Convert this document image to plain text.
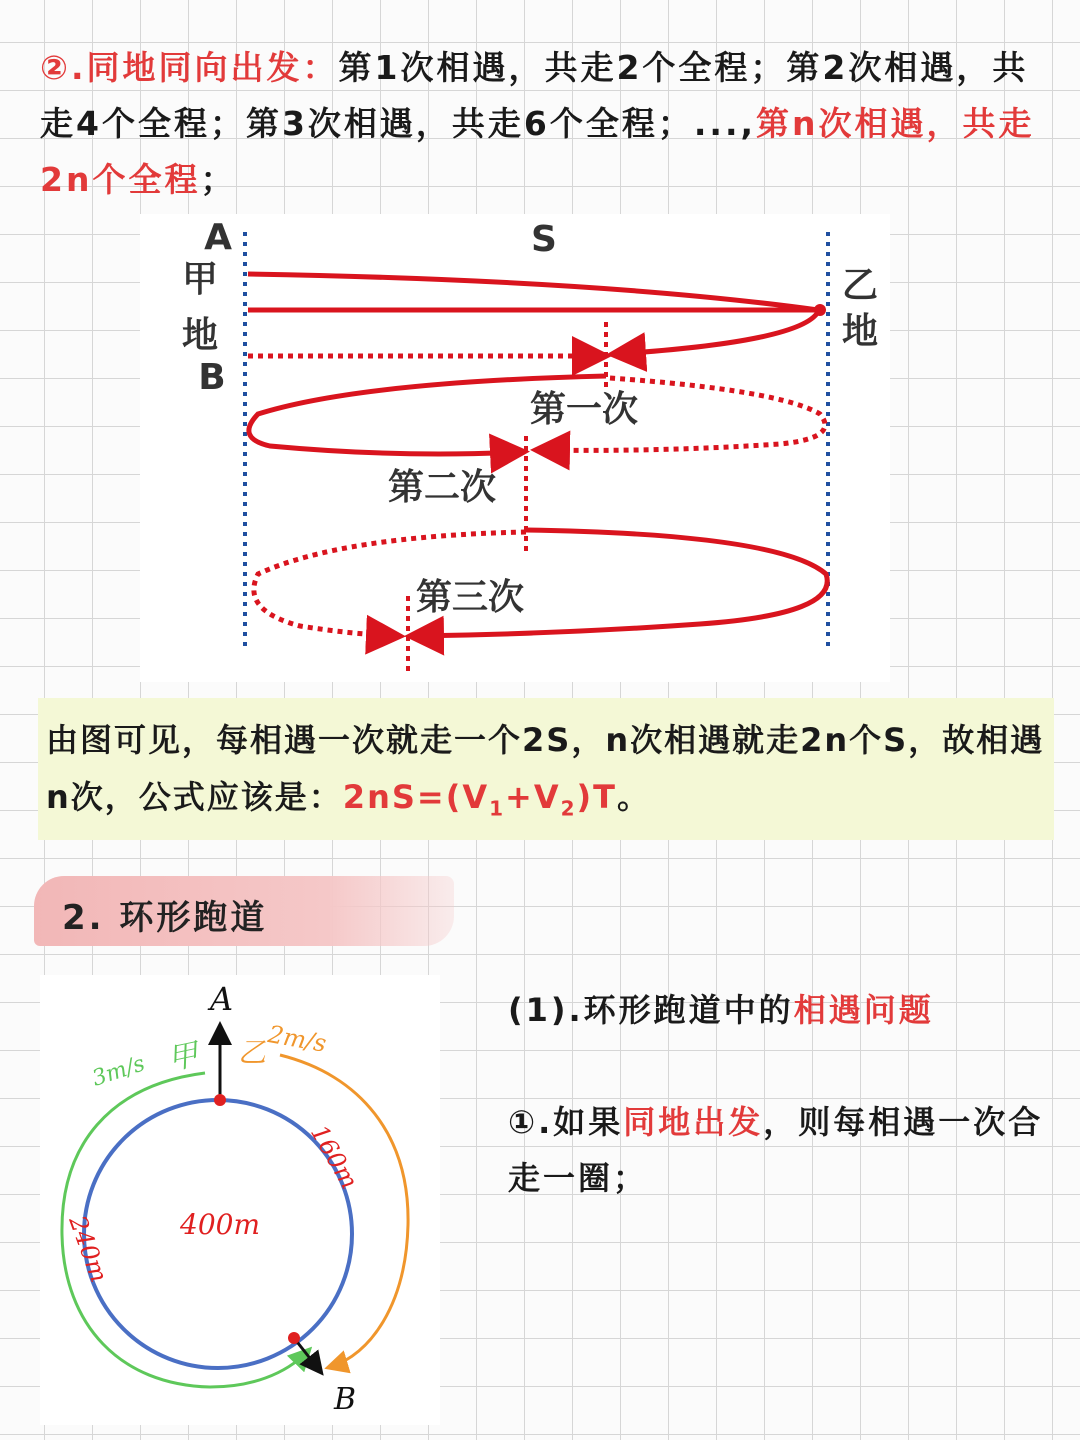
②.同地同向出发：第1次相遇，共走2个全程；第2次相遇，共走4个全程；第3次相遇，共走6个全程；...,第n次相遇，共走2n个全程；
A
甲
地
B
S
乙
地
第一次
第二次
第三次
由图可见，每相遇一次就走一个2S，n次相遇就走2n个S，故相遇n次，公式应该是：$2nS=(V_1+V_2)T$。
2. 环形跑道
(1).环形跑道中的相遇问题
①.如果同地出发，则每相遇一次合走一圈；
A
B
3m/s 甲 乙 2m/s
160m
240m 400m
